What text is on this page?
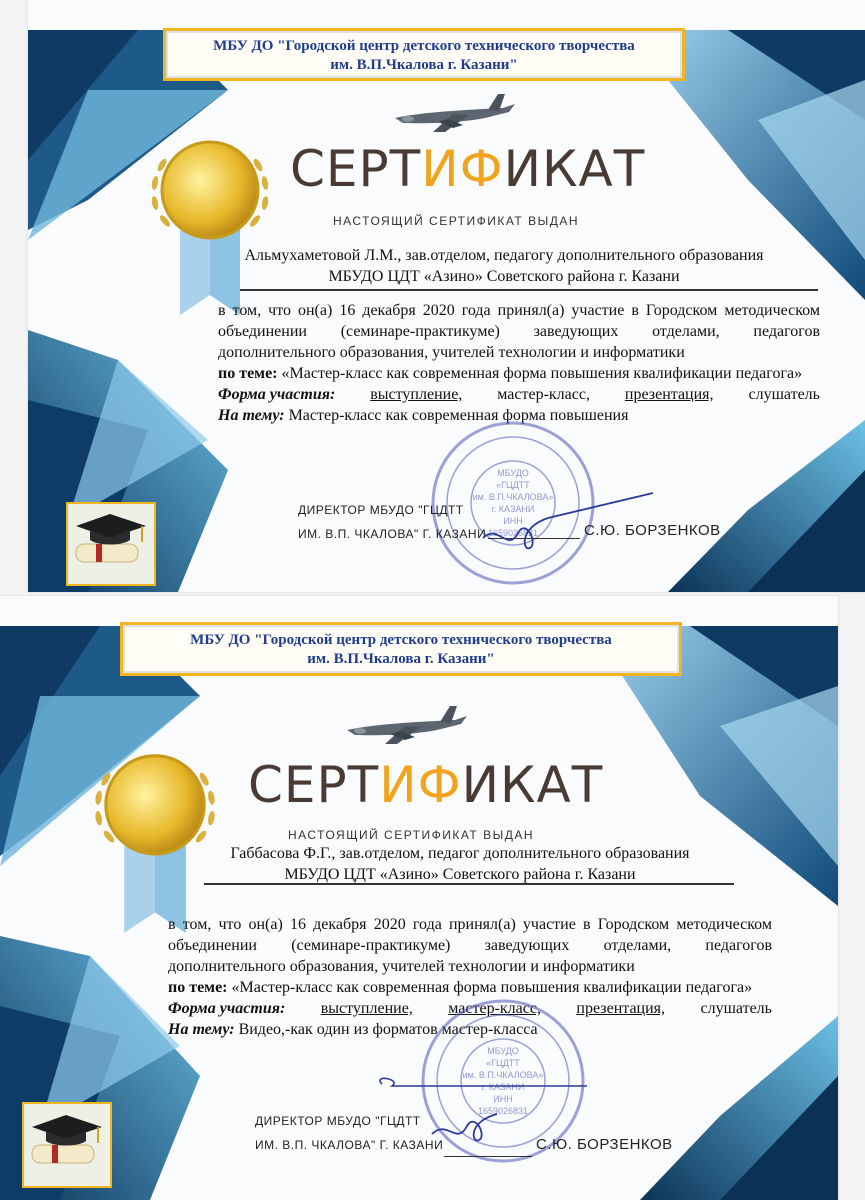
МБУ ДО "Городской центр детского технического творчества
им. В.П.Чкалова г. Казани"
СЕРТИФИКАТ
НАСТОЯЩИЙ СЕРТИФИКАТ ВЫДАН
Альмухаметовой Л.М., зав.отделом, педагогу дополнительного образования
МБУДО ЦДТ «Азино» Советского района г. Казани

в том, что он(а) 16 декабря 2020 года принял(а) участие в Городском методическом объединении (семинаре-практикуме) заведующих отделами, педагогов дополнительного образования, учителей технологии и информатики

по теме: «Мастер-класс как современная форма повышения квалификации педагога»

Форма участия: выступление, мастер-класс, презентация, слушатель

На тему: Мастер-класс как современная форма повышения

МБУДО
«ГЦДТТ
им. В.П.ЧКАЛОВА»
г. КАЗАНИ
ИНН
1659026831
ДИРЕКТОР МБУДО "ГЦДТТ
ИМ. В.П. ЧКАЛОВА" Г. КАЗАНИ	С.Ю. БОРЗЕНКОВ
МБУ ДО "Городской центр детского технического творчества
им. В.П.Чкалова г. Казани"
СЕРТИФИКАТ
НАСТОЯЩИЙ СЕРТИФИКАТ ВЫДАН
Габбасова Ф.Г., зав.отделом, педагог дополнительного образования
МБУДО ЦДТ «Азино» Советского района г. Казани

в том, что он(а) 16 декабря 2020 года принял(а) участие в Городском методическом объединении (семинаре-практикуме) заведующих отделами, педагогов дополнительного образования, учителей технологии и информатики

по теме: «Мастер-класс как современная форма повышения квалификации педагога»

Форма участия: выступление, мастер-класс, презентация, слушатель

На тему: Видео,-как один из форматов мастер-класса

МБУДО
«ГЦДТТ
им. В.П.ЧКАЛОВА»
г. КАЗАНИ
ИНН
1659026831
ДИРЕКТОР МБУДО "ГЦДТТ
ИМ. В.П. ЧКАЛОВА" Г. КАЗАНИ	С.Ю. БОРЗЕНКОВ
